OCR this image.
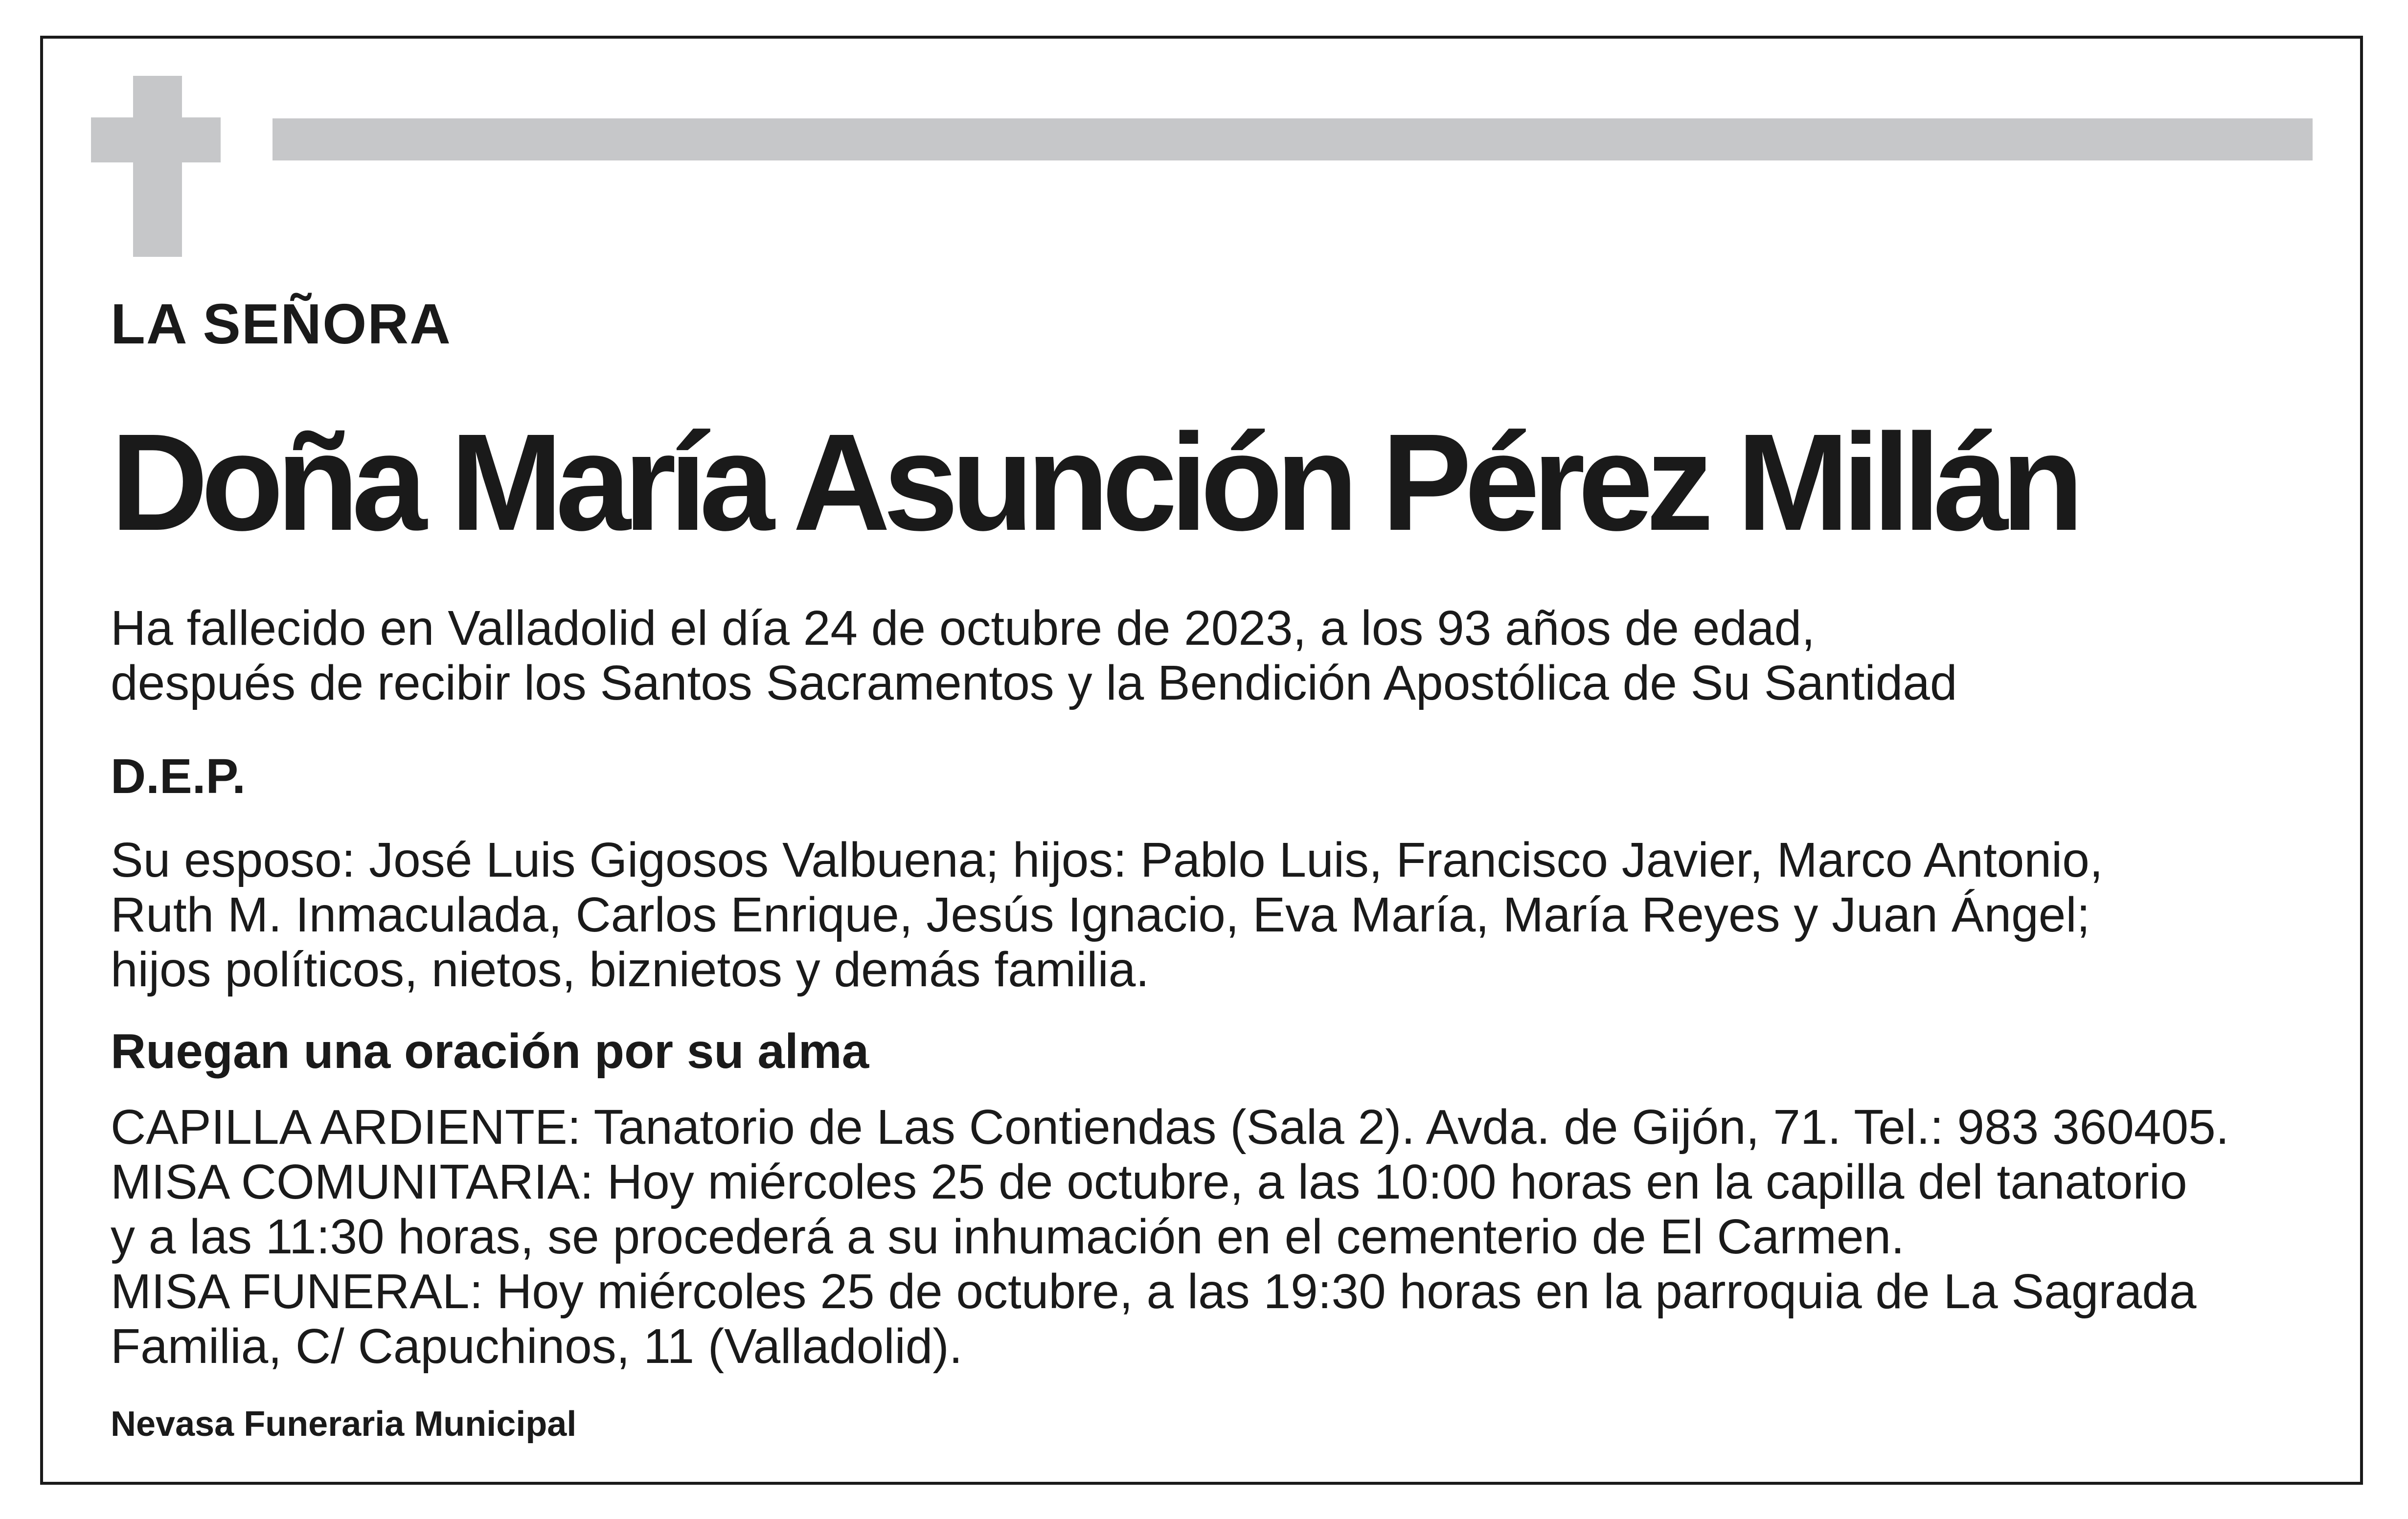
LA SEÑORA
Doña María Asunción Pérez Millán

Ha fallecido en Valladolid el día 24 de octubre de 2023, a los 93 años de edad,
después de recibir los Santos Sacramentos y la Bendición Apostólica de Su Santidad

D.E.P.

Su esposo: José Luis Gigosos Valbuena; hijos: Pablo Luis, Francisco Javier, Marco Antonio,
Ruth M. Inmaculada, Carlos Enrique, Jesús Ignacio, Eva María, María Reyes y Juan Ángel;
hijos políticos, nietos, biznietos y demás familia.

Ruegan una oración por su alma

CAPILLA ARDIENTE: Tanatorio de Las Contiendas (Sala 2). Avda. de Gijón, 71. Tel.: 983 360405.
MISA COMUNITARIA: Hoy miércoles 25 de octubre, a las 10:00 horas en la capilla del tanatorio
y a las 11:30 horas, se procederá a su inhumación en el cementerio de El Carmen.
MISA FUNERAL: Hoy miércoles 25 de octubre, a las 19:30 horas en la parroquia de La Sagrada
Familia, C/ Capuchinos, 11 (Valladolid).

Nevasa Funeraria Municipal
